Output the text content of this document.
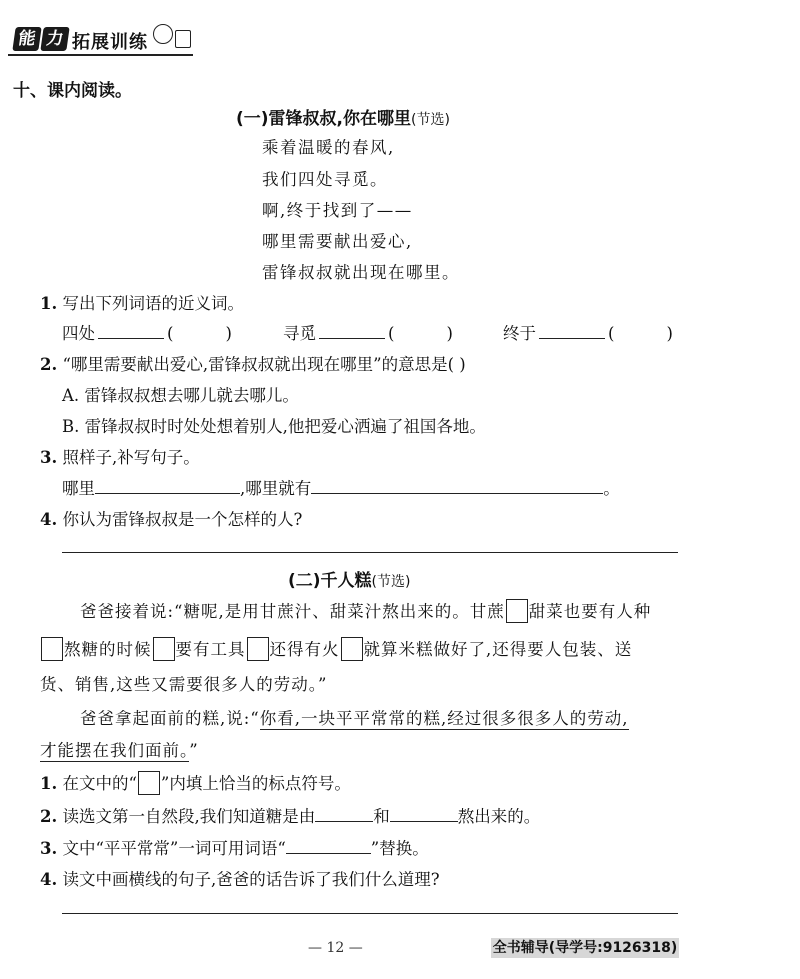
能 力 拓展训练
十、课内阅读。
(一)雷锋叔叔,你在哪里(节选)
乘着温暖的春风,
我们四处寻觅。
啊,终于找到了——
哪里需要献出爱心,
雷锋叔叔就出现在哪里。
1. 写出下列词语的近义词。
四处	(	)	寻觅	(	)	终于	(	)
2. “哪里需要献出爱心,雷锋叔叔就出现在哪里”的意思是( )
A. 雷锋叔叔想去哪儿就去哪儿。
B. 雷锋叔叔时时处处想着别人,他把爱心洒遍了祖国各地。
3. 照样子,补写句子。
哪里	,哪里就有	。
4. 你认为雷锋叔叔是一个怎样的人?
(二)千人糕(节选)
爸爸接着说:“糖呢,是用甘蔗汁、甜菜汁熬出来的。甘蔗 甜菜也要有人种
熬糖的时候 要有工具 还得有火 就算米糕做好了,还得要人包装、送
货、销售,这些又需要很多人的劳动。”
爸爸拿起面前的糕,说:“你看,一块平平常常的糕,经过很多很多人的劳动,
才能摆在我们面前。”
1. 在文中的“ ”内填上恰当的标点符号。
2. 读选文第一自然段,我们知道糖是由	和	熬出来的。
3. 文中“平平常常”一词可用词语“	”替换。
4. 读文中画横线的句子,爸爸的话告诉了我们什么道理?
— 12 —	全书辅导(导学号:9126318)
